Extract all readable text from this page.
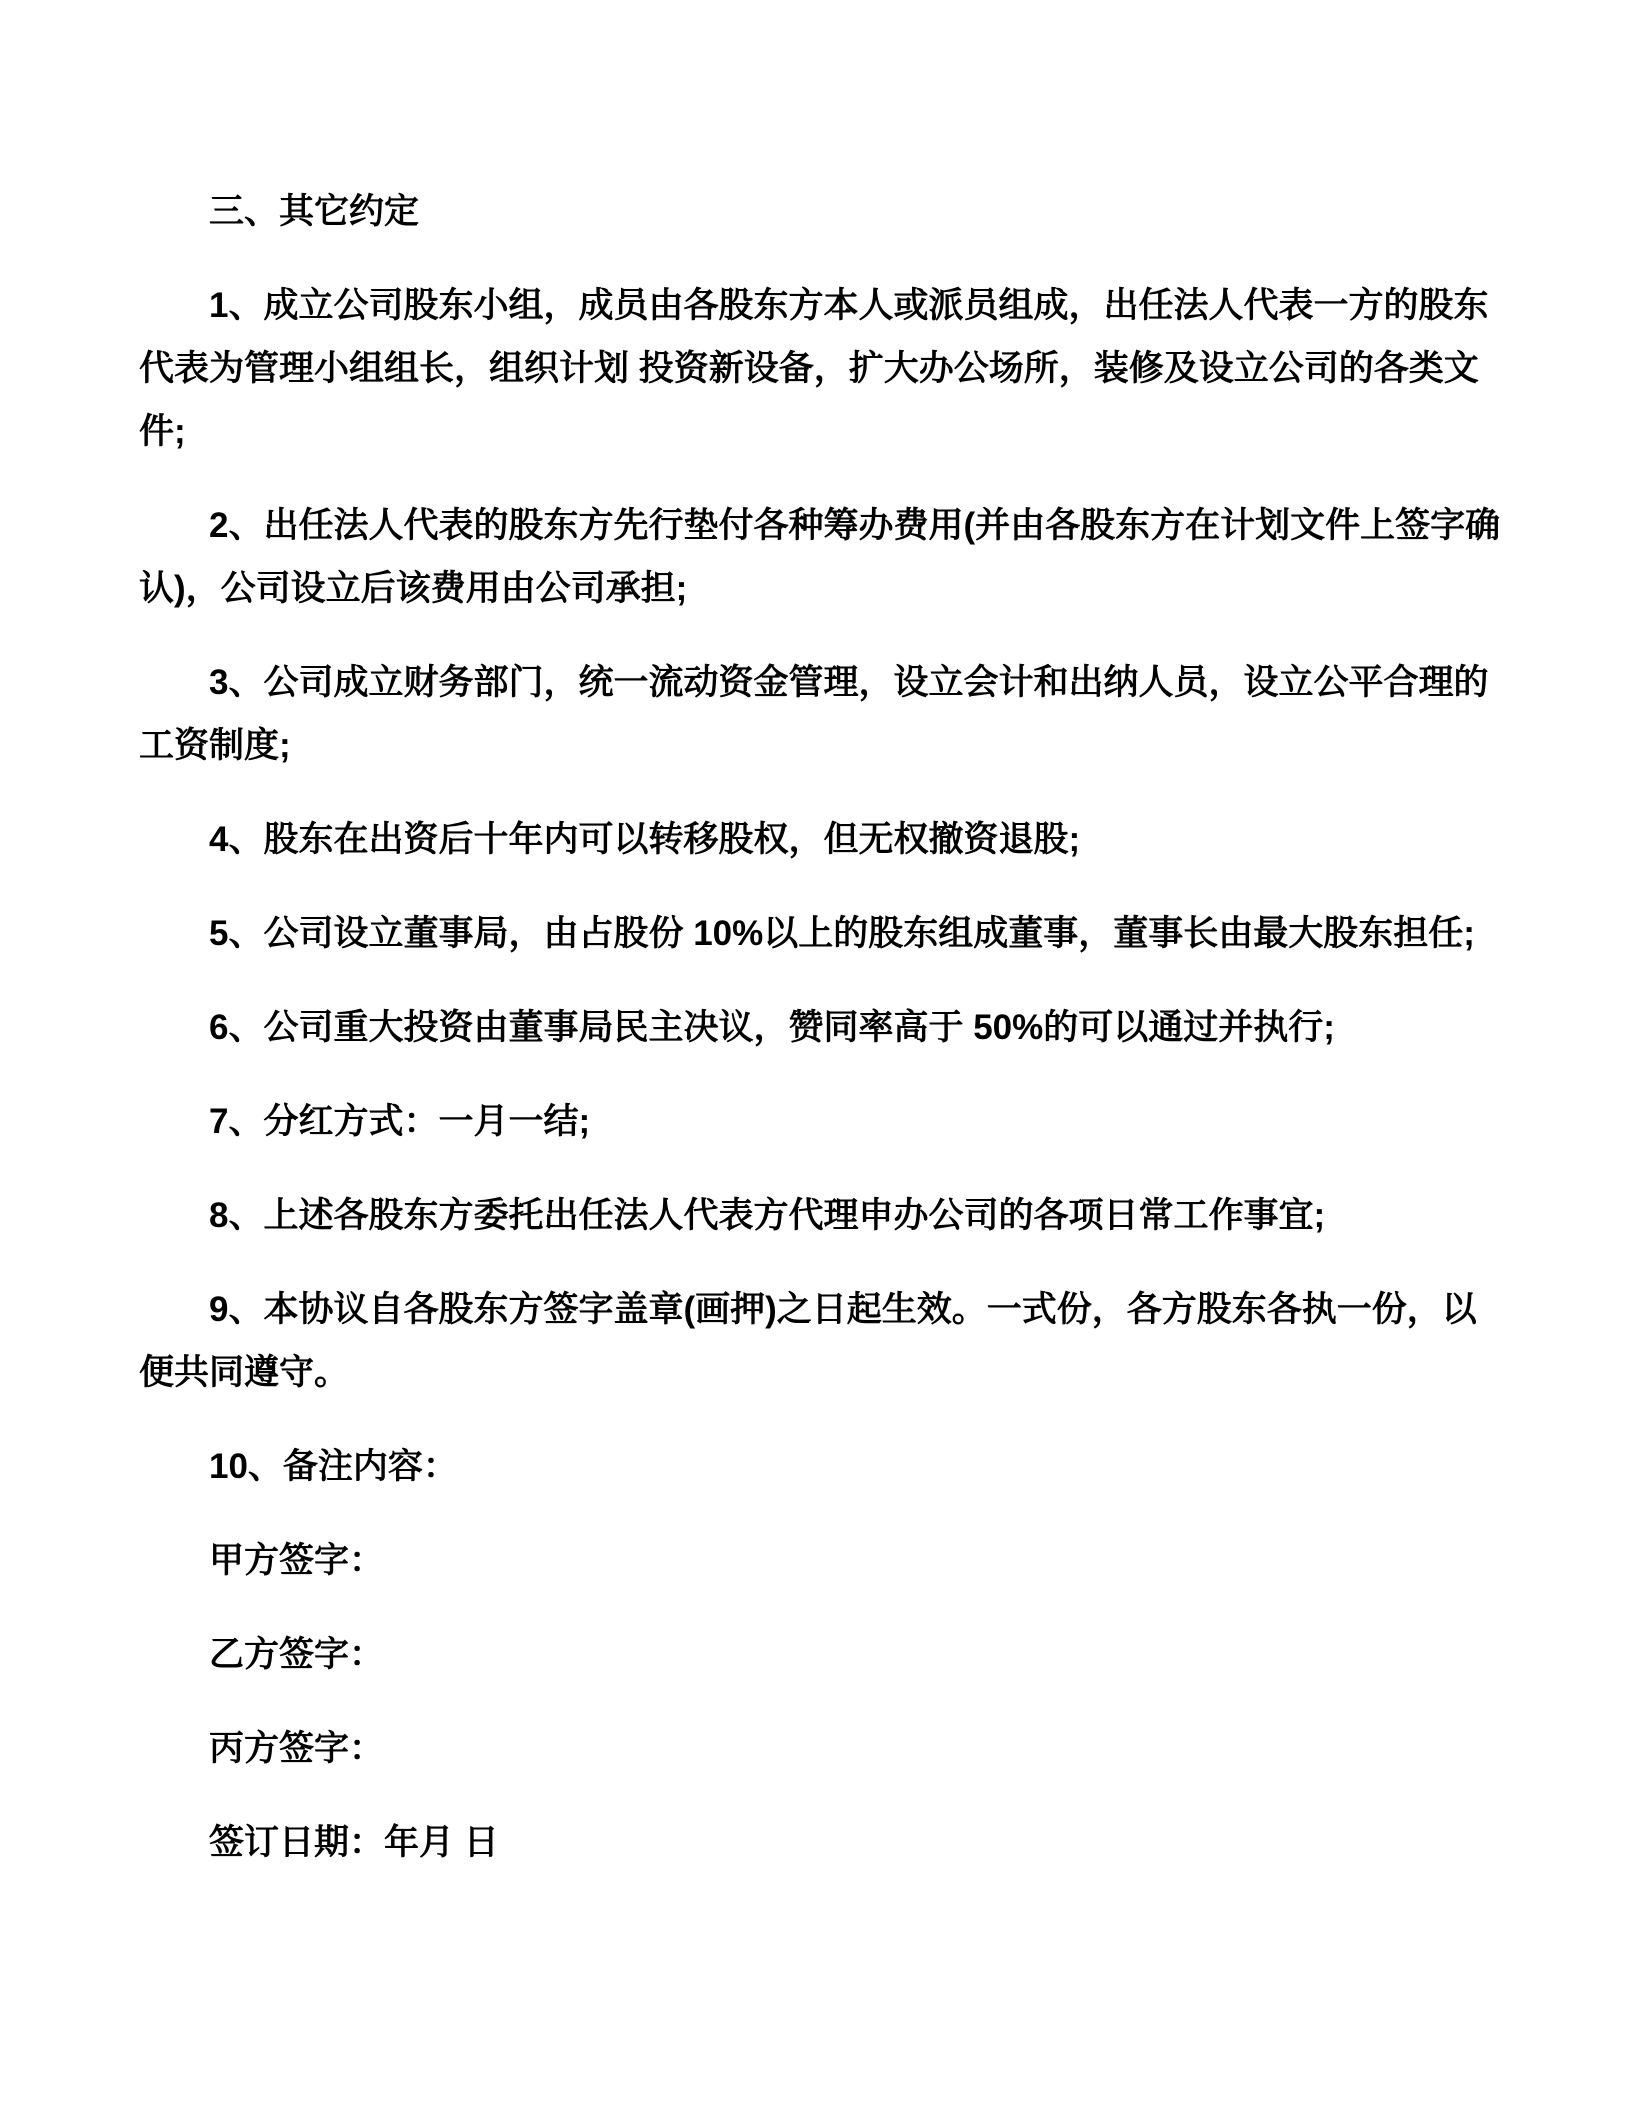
三、其它约定
1、成立公司股东小组，成员由各股东方本人或派员组成，出任法人代表一方的股东
代表为管理小组组长，组织计划 投资新设备，扩大办公场所，装修及设立公司的各类文
件;
2、出任法人代表的股东方先行垫付各种筹办费用(并由各股东方在计划文件上签字确
认)，公司设立后该费用由公司承担;
3、公司成立财务部门，统一流动资金管理，设立会计和出纳人员，设立公平合理的
工资制度;
4、股东在出资后十年内可以转移股权，但无权撤资退股;
5、公司设立董事局，由占股份 10%以上的股东组成董事，董事长由最大股东担任;
6、公司重大投资由董事局民主决议，赞同率高于 50%的可以通过并执行;
7、分红方式：一月一结;
8、上述各股东方委托出任法人代表方代理申办公司的各项日常工作事宜;
9、本协议自各股东方签字盖章(画押)之日起生效。一式份，各方股东各执一份，以
便共同遵守。
10、备注内容：
甲方签字：
乙方签字：
丙方签字：
签订日期：年月 日
